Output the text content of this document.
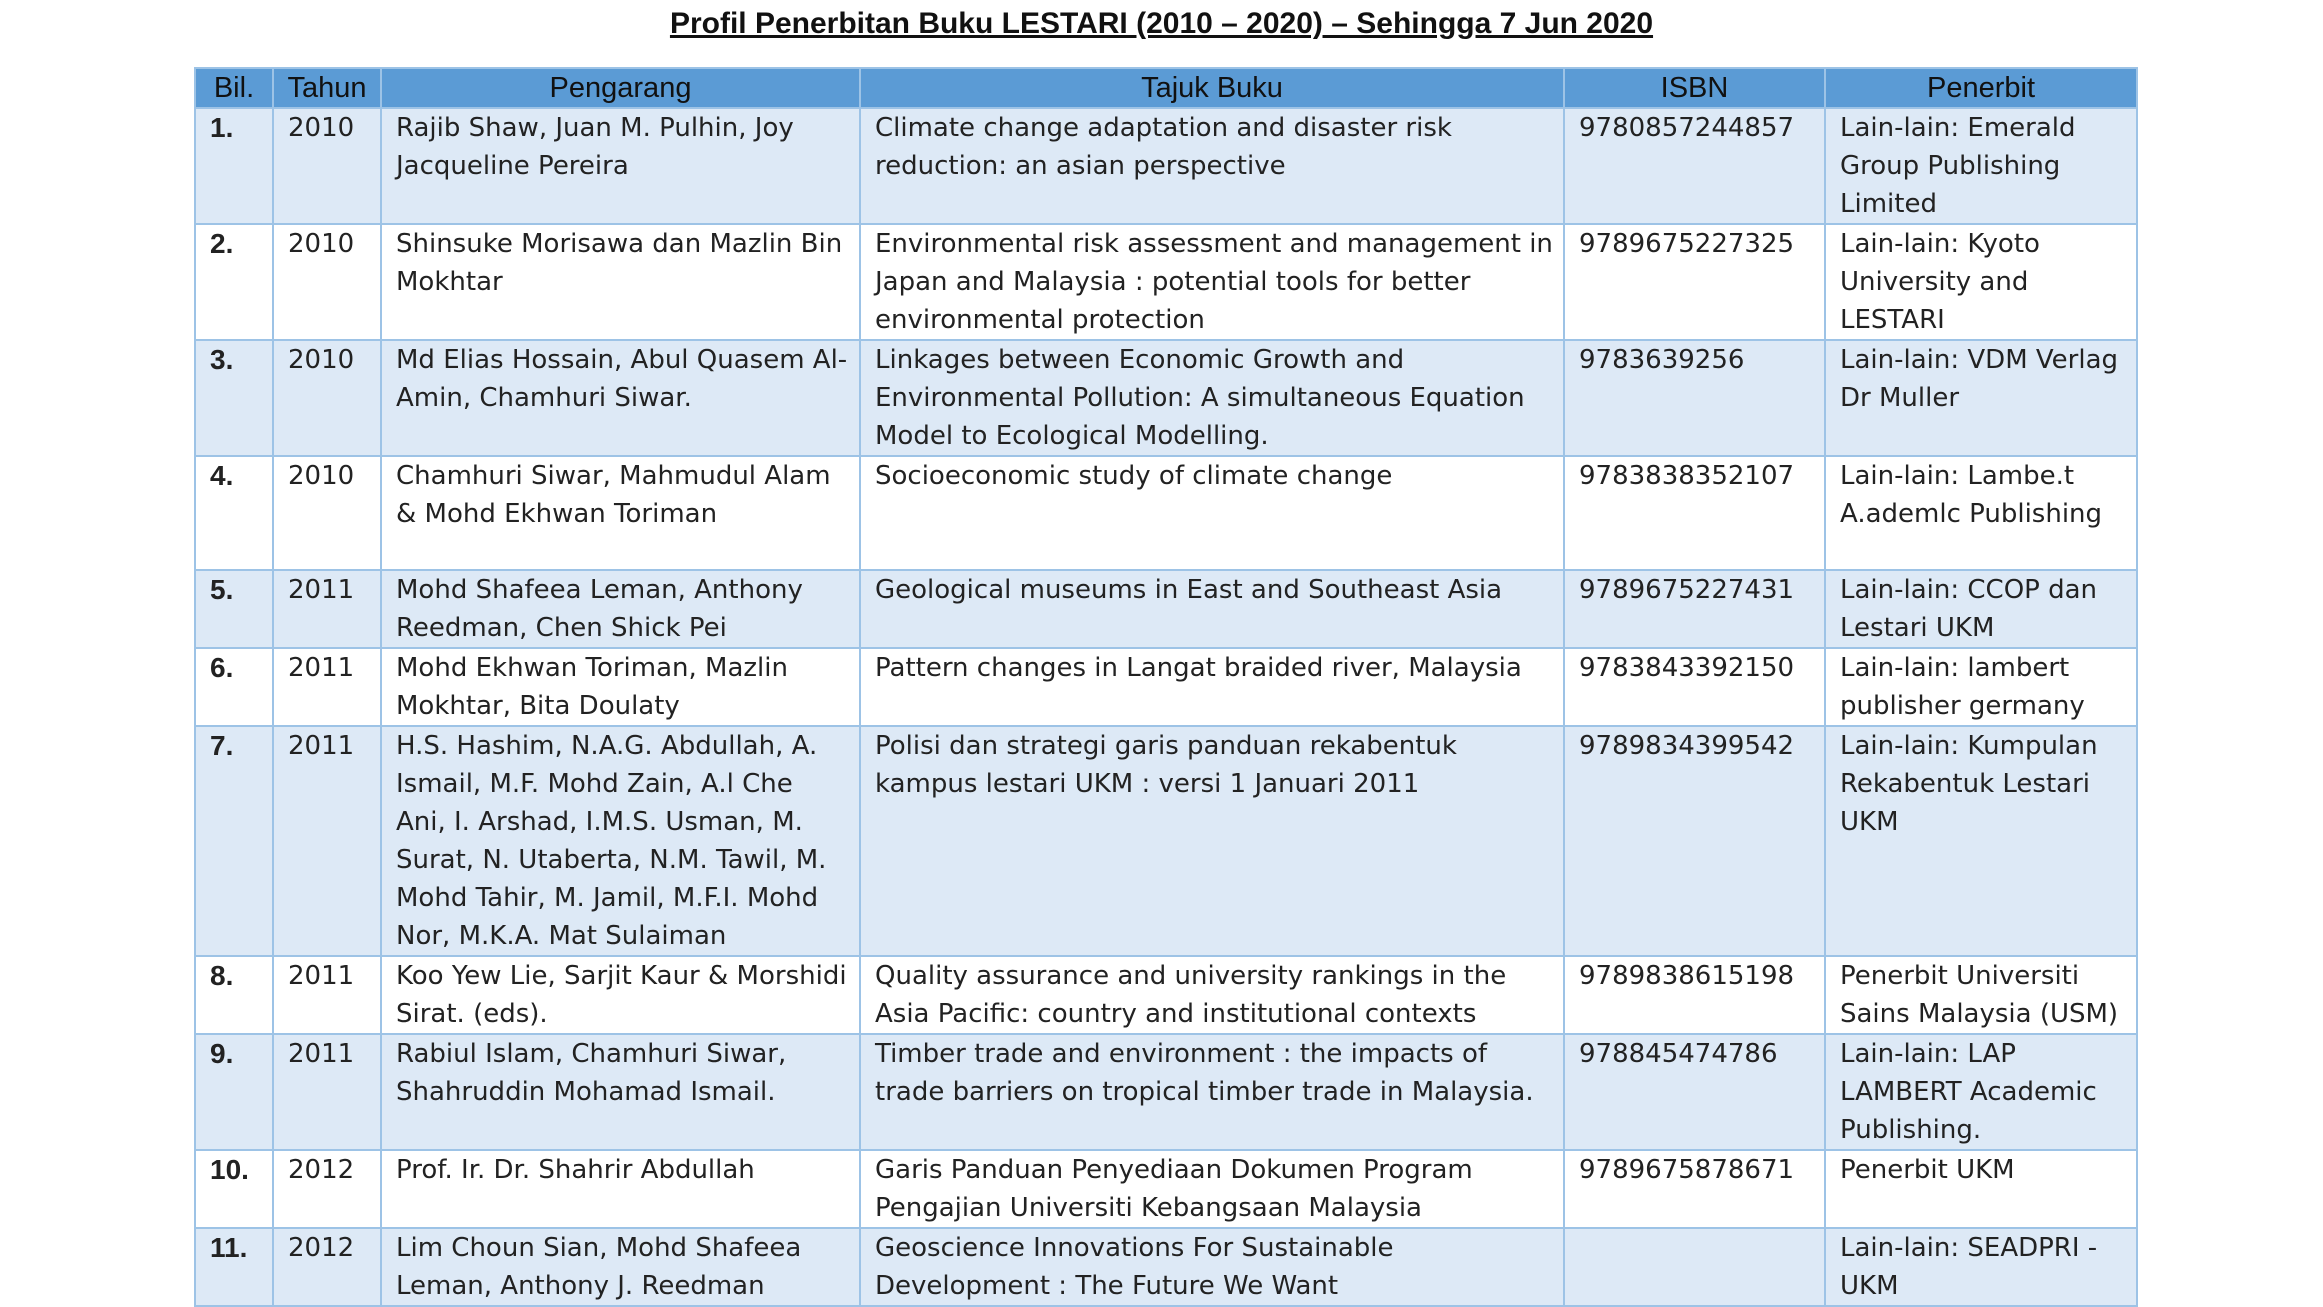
Profil Penerbitan Buku LESTARI (2010 – 2020) – Sehingga 7 Jun 2020
Bil.	Tahun	Pengarang	Tajuk Buku	ISBN	Penerbit
1.	2010	Rajib Shaw, Juan M. Pulhin, Joy Jacqueline Pereira	Climate change adaptation and disaster risk reduction: an asian perspective	9780857244857	Lain-lain: Emerald Group Publishing Limited
2.	2010	Shinsuke Morisawa dan Mazlin Bin Mokhtar	Environmental risk assessment and management in Japan and Malaysia : potential tools for better environmental protection	9789675227325	Lain-lain: Kyoto University and LESTARI
3.	2010	Md Elias Hossain, Abul Quasem Al-Amin, Chamhuri Siwar.	Linkages between Economic Growth and Environmental Pollution: A simultaneous Equation Model to Ecological Modelling.	9783639256	Lain-lain: VDM Verlag Dr Muller
4.	2010	Chamhuri Siwar, Mahmudul Alam & Mohd Ekhwan Toriman	Socioeconomic study of climate change	9783838352107	Lain-lain: Lambe.t A.ademlc Publishing
5.	2011	Mohd Shafeea Leman, Anthony Reedman, Chen Shick Pei	Geological museums in East and Southeast Asia	9789675227431	Lain-lain: CCOP dan Lestari UKM
6.	2011	Mohd Ekhwan Toriman, Mazlin Mokhtar, Bita Doulaty	Pattern changes in Langat braided river, Malaysia	9783843392150	Lain-lain: lambert publisher germany
7.	2011	H.S. Hashim, N.A.G. Abdullah, A. Ismail, M.F. Mohd Zain, A.l Che Ani, I. Arshad, I.M.S. Usman, M. Surat, N. Utaberta, N.M. Tawil, M. Mohd Tahir, M. Jamil, M.F.I. Mohd Nor, M.K.A. Mat Sulaiman	Polisi dan strategi garis panduan rekabentuk kampus lestari UKM : versi 1 Januari 2011	9789834399542	Lain-lain: Kumpulan Rekabentuk Lestari UKM
8.	2011	Koo Yew Lie, Sarjit Kaur & Morshidi Sirat. (eds).	Quality assurance and university rankings in the Asia Pacific: country and institutional contexts	9789838615198	Penerbit Universiti Sains Malaysia (USM)
9.	2011	Rabiul Islam, Chamhuri Siwar, Shahruddin Mohamad Ismail.	Timber trade and environment : the impacts of trade barriers on tropical timber trade in Malaysia.	978845474786	Lain-lain: LAP LAMBERT Academic Publishing.
10.	2012	Prof. Ir. Dr. Shahrir Abdullah	Garis Panduan Penyediaan Dokumen Program Pengajian Universiti Kebangsaan Malaysia	9789675878671	Penerbit UKM
11.	2012	Lim Choun Sian, Mohd Shafeea Leman, Anthony J. Reedman	Geoscience Innovations For Sustainable Development : The Future We Want		Lain-lain: SEADPRI - UKM
